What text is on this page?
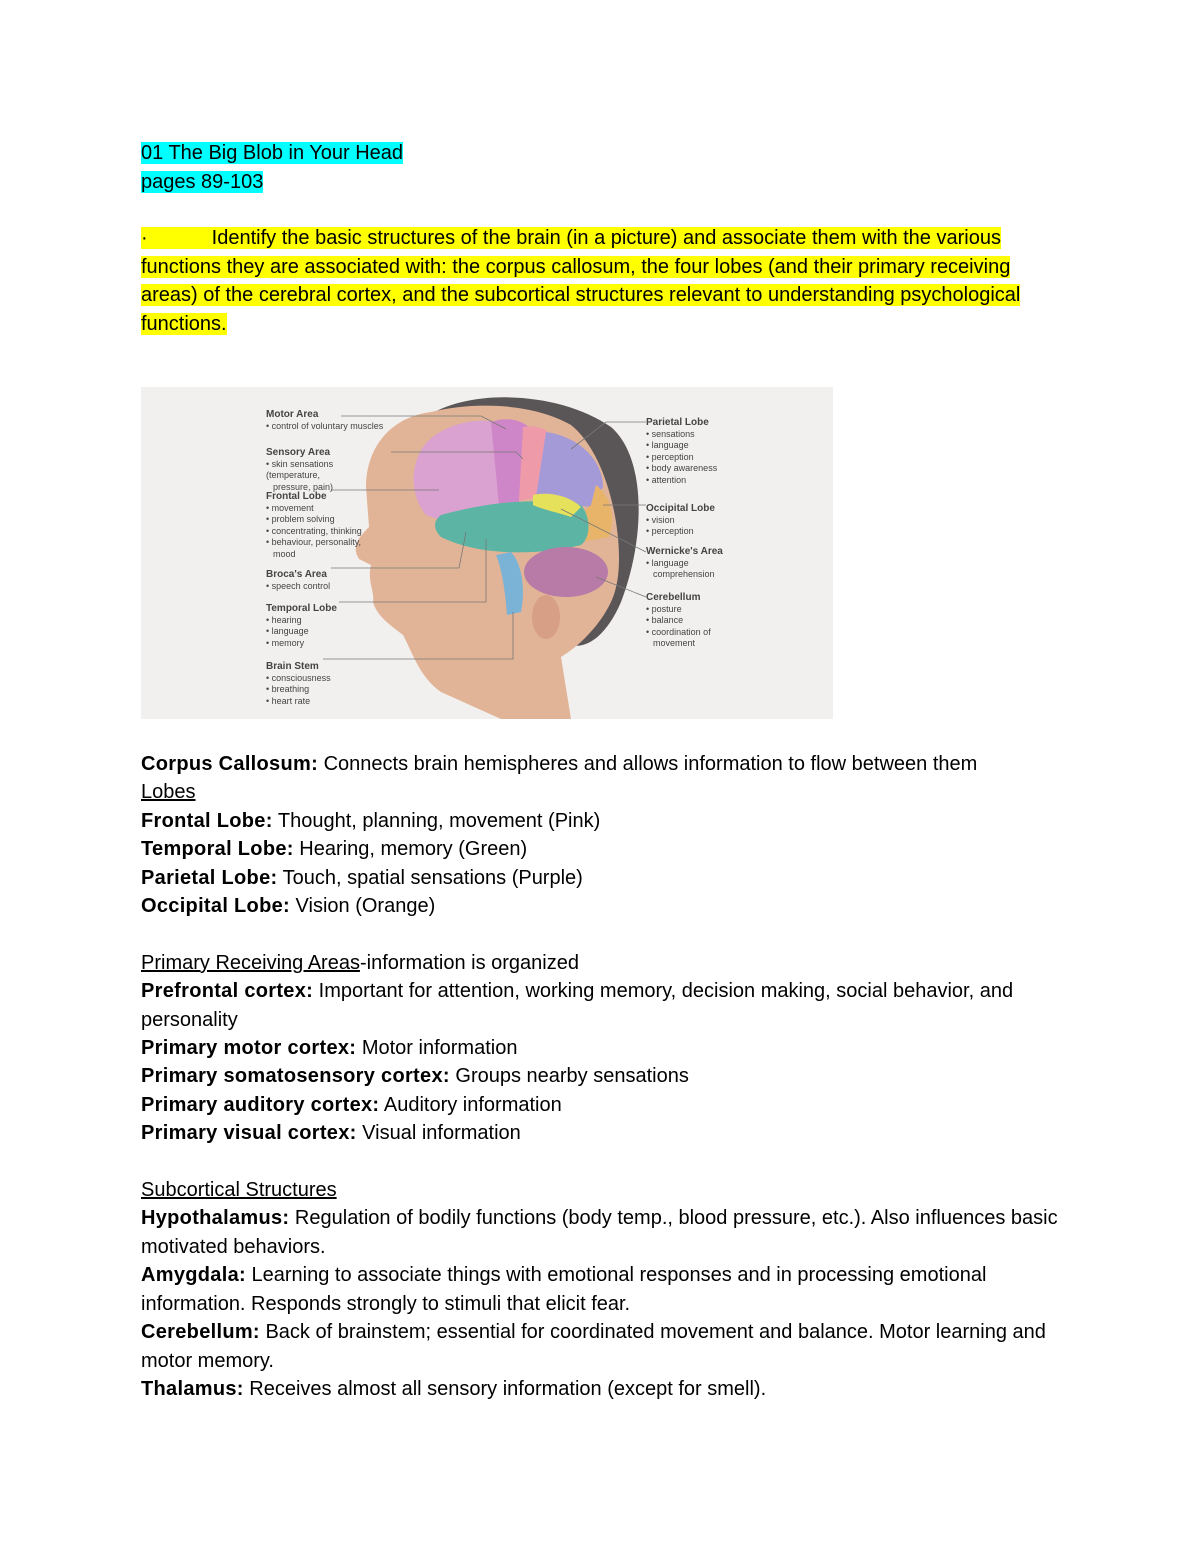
01 The Big Blob in Your Head
pages 89-103
·	Identify the basic structures of the brain (in a picture) and associate them with the various functions they are associated with: the corpus callosum, the four lobes (and their primary receiving areas) of the cerebral cortex, and the subcortical structures relevant to understanding psychological functions.
Motor Area
• control of voluntary muscles
Sensory Area
• skin sensations (temperature,
pressure, pain)
Frontal Lobe
• movement
• problem solving
• concentrating, thinking
• behaviour, personality,
mood
Broca's Area
• speech control
Temporal Lobe
• hearing
• language
• memory
Brain Stem
• consciousness
• breathing
• heart rate
Parietal Lobe
• sensations
• language
• perception
• body awareness
• attention
Occipital Lobe
• vision
• perception
Wernicke's Area
• language
comprehension
Cerebellum
• posture
• balance
• coordination of
movement

Corpus Callosum: Connects brain hemispheres and allows information to flow between them

Lobes

Frontal Lobe: Thought, planning, movement (Pink)

Temporal Lobe: Hearing, memory (Green)

Parietal Lobe: Touch, spatial sensations (Purple)

Occipital Lobe: Vision (Orange)

Primary Receiving Areas-information is organized

Prefrontal cortex: Important for attention, working memory, decision making, social behavior, and personality

Primary motor cortex: Motor information

Primary somatosensory cortex: Groups nearby sensations

Primary auditory cortex: Auditory information

Primary visual cortex: Visual information

Subcortical Structures

Hypothalamus: Regulation of bodily functions (body temp., blood pressure, etc.). Also influences basic motivated behaviors.

Amygdala: Learning to associate things with emotional responses and in processing emotional information. Responds strongly to stimuli that elicit fear.

Cerebellum: Back of brainstem; essential for coordinated movement and balance. Motor learning and motor memory.

Thalamus: Receives almost all sensory information (except for smell).
